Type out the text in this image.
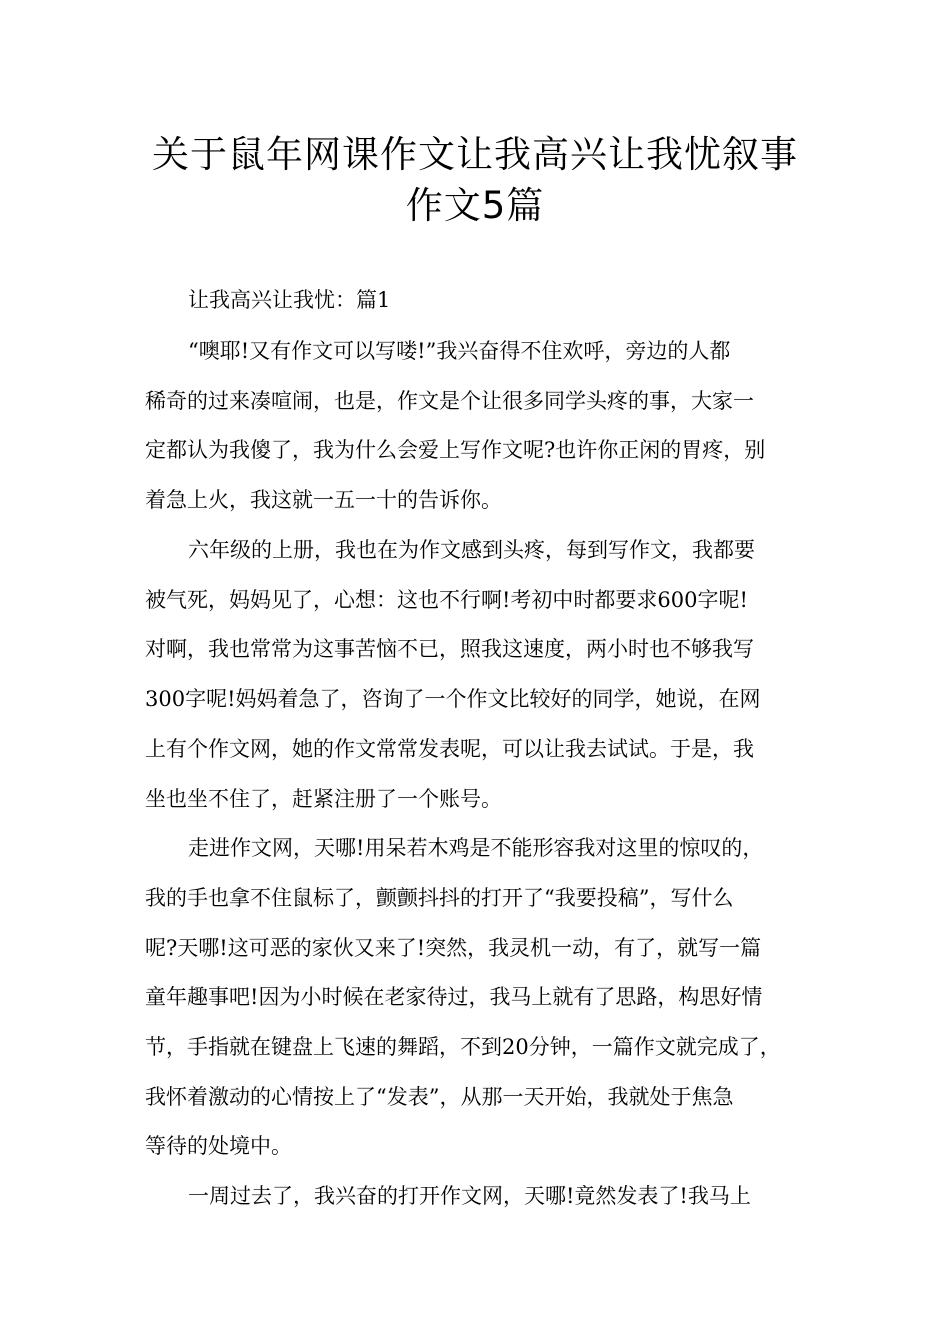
关于鼠年网课作文让我高兴让我忧叙事
作文5篇
让我高兴让我忧：篇1
“噢耶!又有作文可以写喽!”我兴奋得不住欢呼，旁边的人都
稀奇的过来凑喧闹，也是，作文是个让很多同学头疼的事，大家一
定都认为我傻了，我为什么会爱上写作文呢?也许你正闲的胃疼，别
着急上火，我这就一五一十的告诉你。
六年级的上册，我也在为作文感到头疼，每到写作文，我都要
被气死，妈妈见了，心想：这也不行啊!考初中时都要求600字呢!
对啊，我也常常为这事苦恼不已，照我这速度，两小时也不够我写
300字呢!妈妈着急了，咨询了一个作文比较好的同学，她说，在网
上有个作文网，她的作文常常发表呢，可以让我去试试。于是，我
坐也坐不住了，赶紧注册了一个账号。
走进作文网，天哪!用呆若木鸡是不能形容我对这里的惊叹的，
我的手也拿不住鼠标了，颤颤抖抖的打开了“我要投稿”，写什么
呢?天哪!这可恶的家伙又来了!突然，我灵机一动，有了，就写一篇
童年趣事吧!因为小时候在老家待过，我马上就有了思路，构思好情
节，手指就在键盘上飞速的舞蹈，不到20分钟，一篇作文就完成了，
我怀着激动的心情按上了“发表”，从那一天开始，我就处于焦急
等待的处境中。
一周过去了，我兴奋的打开作文网，天哪!竟然发表了!我马上
